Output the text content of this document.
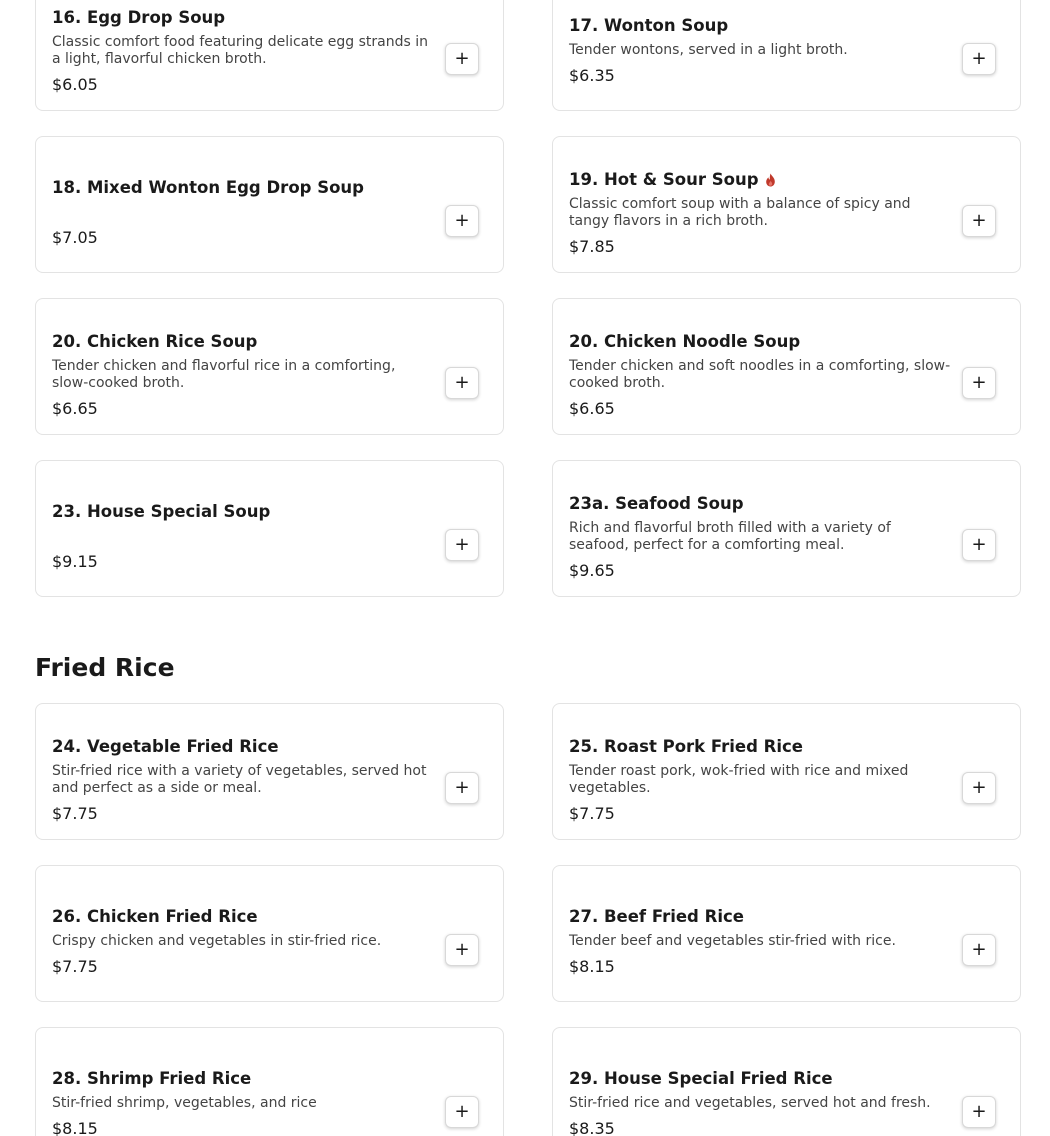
16. Egg Drop Soup
Classic comfort food featuring delicate egg strands in a light, flavorful chicken broth.
$6.05
+
17. Wonton Soup
Tender wontons, served in a light broth.
$6.35
+
18. Mixed Wonton Egg Drop Soup
$7.05
+
19. Hot & Sour Soup
Classic comfort soup with a balance of spicy and tangy flavors in a rich broth.
$7.85
+
20. Chicken Rice Soup
Tender chicken and flavorful rice in a comforting, slow-cooked broth.
$6.65
+
20. Chicken Noodle Soup
Tender chicken and soft noodles in a comforting, slow-cooked broth.
$6.65
+
23. House Special Soup
$9.15
+
23a. Seafood Soup
Rich and flavorful broth filled with a variety of seafood, perfect for a comforting meal.
$9.65
+
Fried Rice
24. Vegetable Fried Rice
Stir-fried rice with a variety of vegetables, served hot and perfect as a side or meal.
$7.75
+
25. Roast Pork Fried Rice
Tender roast pork, wok-fried with rice and mixed vegetables.
$7.75
+
26. Chicken Fried Rice
Crispy chicken and vegetables in stir-fried rice.
$7.75
+
27. Beef Fried Rice
Tender beef and vegetables stir-fried with rice.
$8.15
+
28. Shrimp Fried Rice
Stir-fried shrimp, vegetables, and rice
$8.15
+
29. House Special Fried Rice
Stir-fried rice and vegetables, served hot and fresh.
$8.35
+
